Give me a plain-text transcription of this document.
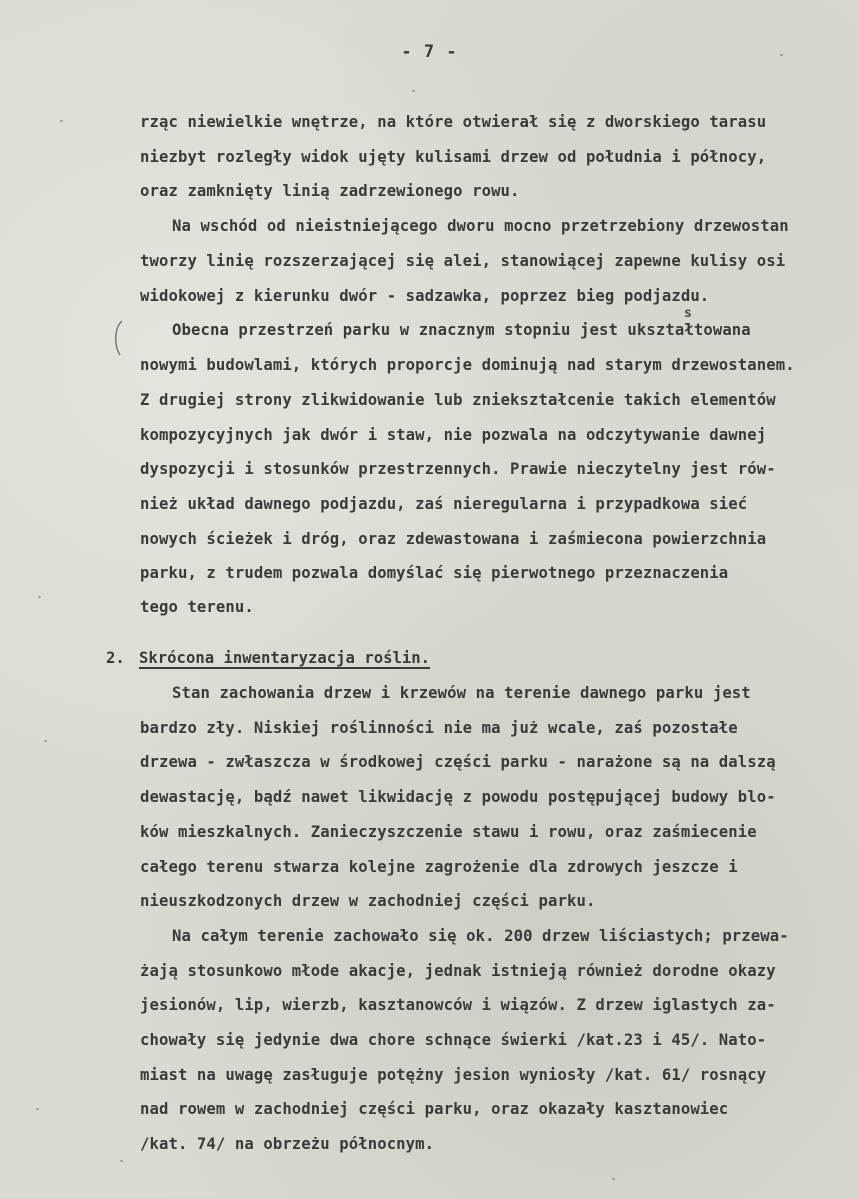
- 7 -
rząc niewielkie wnętrze, na które otwierał się z dworskiego tarasu
niezbyt rozległy widok ujęty kulisami drzew od południa i północy,
oraz zamknięty linią zadrzewionego rowu.
Na wschód od nieistniejącego dworu mocno przetrzebiony drzewostan
tworzy linię rozszerzającej się alei, stanowiącej zapewne kulisy osi
widokowej z kierunku dwór - sadzawka, poprzez bieg podjazdu.
Obecna przestrzeń parku w znacznym stopniu jest ukształtowana
s
nowymi budowlami, których proporcje dominują nad starym drzewostanem.
Z drugiej strony zlikwidowanie lub zniekształcenie takich elementów
kompozycyjnych jak dwór i staw, nie pozwala na odczytywanie dawnej
dyspozycji i stosunków przestrzennych. Prawie nieczytelny jest rów-
nież układ dawnego podjazdu, zaś nieregularna i przypadkowa sieć
nowych ścieżek i dróg, oraz zdewastowana i zaśmiecona powierzchnia
parku, z trudem pozwala domyślać się pierwotnego przeznaczenia
tego terenu.
2. Skrócona inwentaryzacja roślin.
Stan zachowania drzew i krzewów na terenie dawnego parku jest
bardzo zły. Niskiej roślinności nie ma już wcale, zaś pozostałe
drzewa - zwłaszcza w środkowej części parku - narażone są na dalszą
dewastację, bądź nawet likwidację z powodu postępującej budowy blo-
ków mieszkalnych. Zanieczyszczenie stawu i rowu, oraz zaśmiecenie
całego terenu stwarza kolejne zagrożenie dla zdrowych jeszcze i
nieuszkodzonych drzew w zachodniej części parku.
Na całym terenie zachowało się ok. 200 drzew liściastych; przewa-
żają stosunkowo młode akacje, jednak istnieją również dorodne okazy
jesionów, lip, wierzb, kasztanowców i wiązów. Z drzew iglastych za-
chowały się jedynie dwa chore schnące świerki /kat.23 i 45/. Nato-
miast na uwagę zasługuje potężny jesion wyniosły /kat. 61/ rosnący
nad rowem w zachodniej części parku, oraz okazały kasztanowiec
/kat. 74/ na obrzeżu północnym.
